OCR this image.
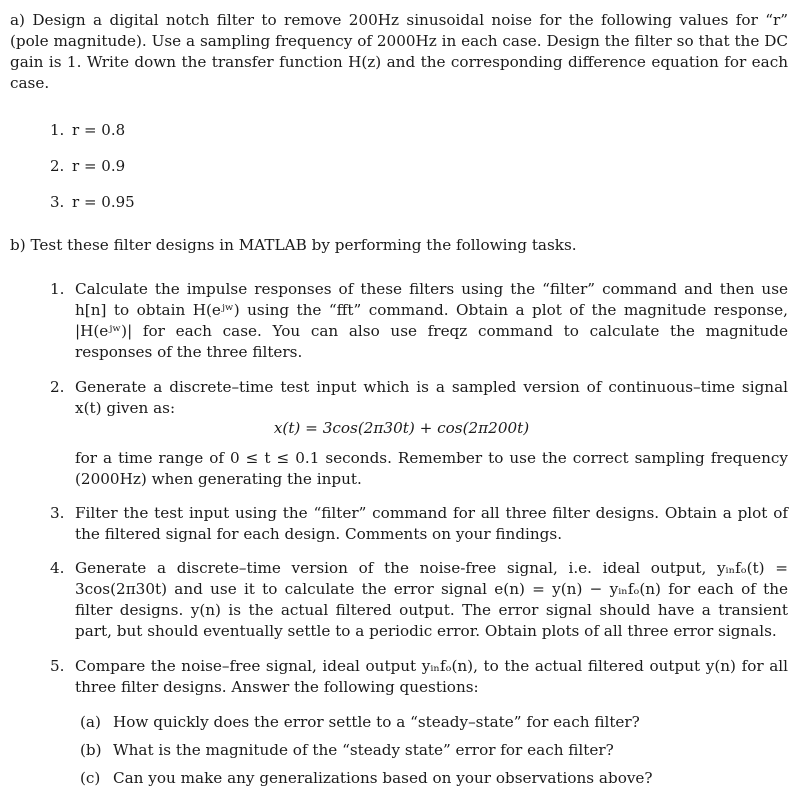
a) Design a digital notch filter to remove 200Hz sinusoidal noise for the following values for “r” (pole magnitude). Use a sampling frequency of 2000Hz in each case. Design the filter so that the DC gain is 1. Write down the transfer function H(z) and the corresponding difference equation for each case.
1. r = 0.8
2. r = 0.9
3. r = 0.95
b) Test these filter designs in MATLAB by performing the following tasks.
1. Calculate the impulse responses of these filters using the “filter” command and then use h[n] to obtain H(eʲʷ) using the “fft” command. Obtain a plot of the magnitude response, |H(eʲʷ)| for each case. You can also use freqz command to calculate the magnitude responses of the three filters.
2. Generate a discrete–time test input which is a sampled version of continuous–time signal x(t) given as:
x(t) = 3cos(2π30t) + cos(2π200t)
for a time range of 0 ≤ t ≤ 0.1 seconds. Remember to use the correct sampling frequency (2000Hz) when generating the input.
3. Filter the test input using the “filter” command for all three filter designs. Obtain a plot of the filtered signal for each design. Comments on your findings.
4. Generate a discrete–time version of the noise-free signal, i.e. ideal output, yᵢₙfₒ(t) = 3cos(2π30t) and use it to calculate the error signal e(n) = y(n) − yᵢₙfₒ(n) for each of the filter designs. y(n) is the actual filtered output. The error signal should have a transient part, but should eventually settle to a periodic error. Obtain plots of all three error signals.
5. Compare the noise–free signal, ideal output yᵢₙfₒ(n), to the actual filtered output y(n) for all three filter designs. Answer the following questions:
(a) How quickly does the error settle to a “steady–state” for each filter?
(b) What is the magnitude of the “steady state” error for each filter?
(c) Can you make any generalizations based on your observations above?
